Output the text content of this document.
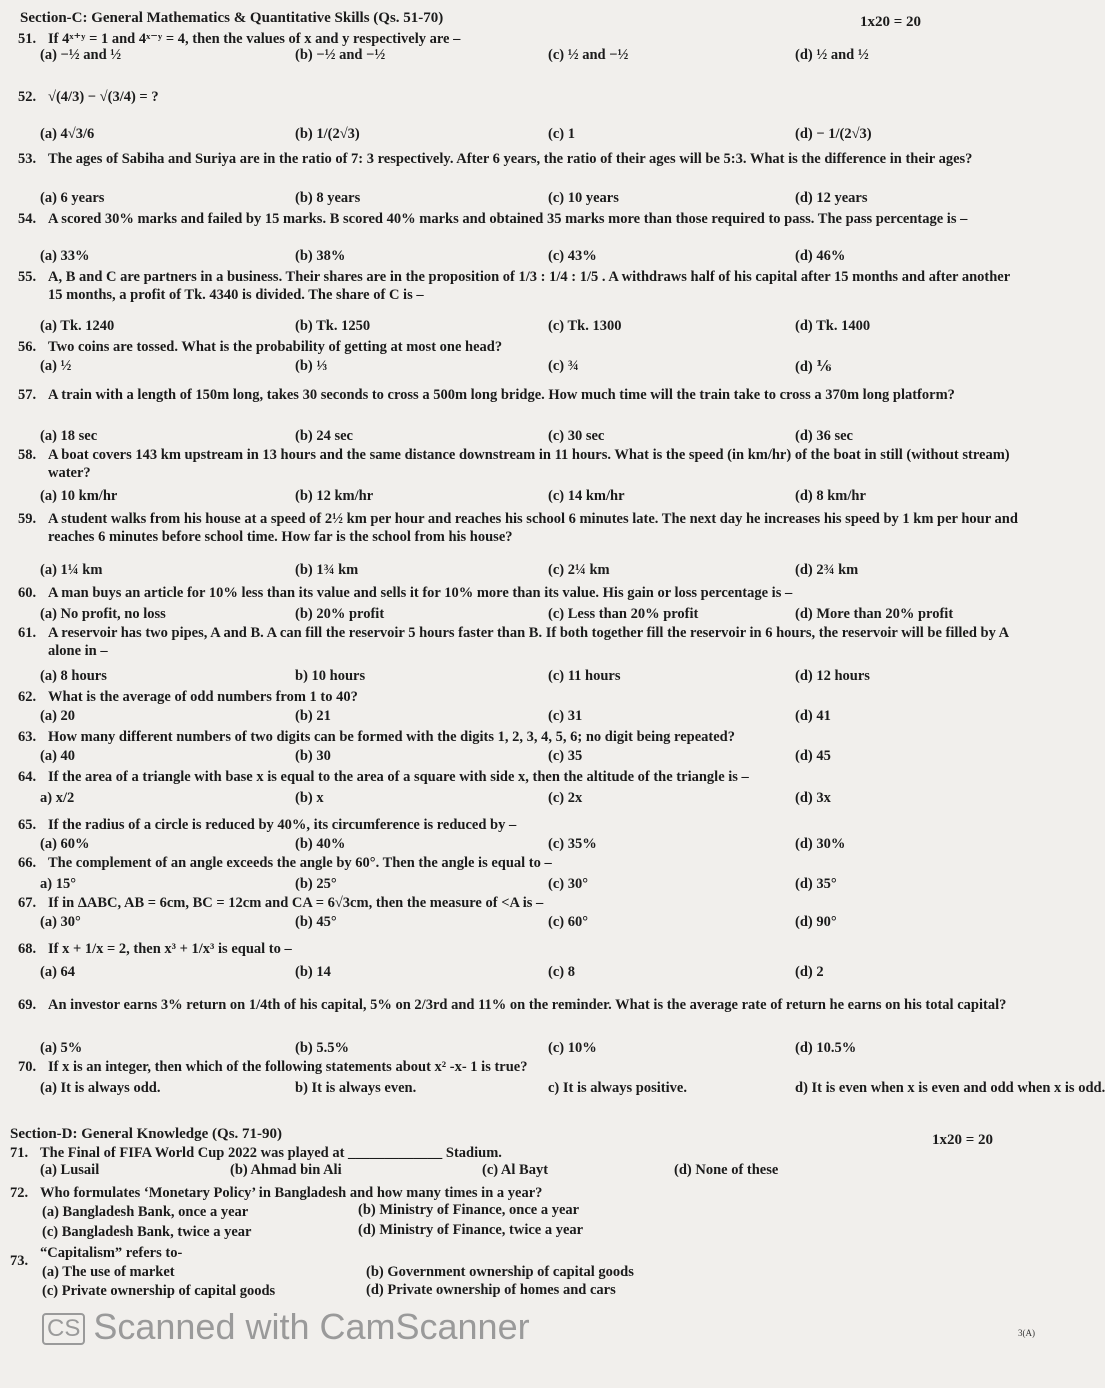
Section-C: General Mathematics & Quantitative Skills (Qs. 51-70)	1x20 = 20
51. If 4ˣ⁺ʸ = 1 and 4ˣ⁻ʸ = 4, then the values of x and y respectively are –
(a) −½ and ½	(b) −½ and −½	(c) ½ and −½	(d) ½ and ½
52. √(4/3) − √(3/4) = ?
(a) 4√3/6	(b) 1/(2√3)	(c) 1	(d) − 1/(2√3)
53. The ages of Sabiha and Suriya are in the ratio of 7: 3 respectively. After 6 years, the ratio of their ages will be 5:3. What is the difference in their ages?
(a) 6 years	(b) 8 years	(c) 10 years	(d) 12 years
54. A scored 30% marks and failed by 15 marks. B scored 40% marks and obtained 35 marks more than those required to pass. The pass percentage is –
(a) 33%	(b) 38%	(c) 43%	(d) 46%
55. A, B and C are partners in a business. Their shares are in the proposition of 1/3 : 1/4 : 1/5 . A withdraws half of his capital after 15 months and after another 15 months, a profit of Tk. 4340 is divided. The share of C is –
(a) Tk. 1240	(b) Tk. 1250	(c) Tk. 1300	(d) Tk. 1400
56. Two coins are tossed. What is the probability of getting at most one head?
(a) ½	(b) ⅓	(c) ¾	(d) ⅙
57. A train with a length of 150m long, takes 30 seconds to cross a 500m long bridge. How much time will the train take to cross a 370m long platform?
(a) 18 sec	(b) 24 sec	(c) 30 sec	(d) 36 sec
58. A boat covers 143 km upstream in 13 hours and the same distance downstream in 11 hours. What is the speed (in km/hr) of the boat in still (without stream) water?
(a) 10 km/hr	(b) 12 km/hr	(c) 14 km/hr	(d) 8 km/hr
59. A student walks from his house at a speed of 2½ km per hour and reaches his school 6 minutes late. The next day he increases his speed by 1 km per hour and reaches 6 minutes before school time. How far is the school from his house?
(a) 1¼ km	(b) 1¾ km	(c) 2¼ km	(d) 2¾ km
60. A man buys an article for 10% less than its value and sells it for 10% more than its value. His gain or loss percentage is –
(a) No profit, no loss	(b) 20% profit	(c) Less than 20% profit	(d) More than 20% profit
61. A reservoir has two pipes, A and B. A can fill the reservoir 5 hours faster than B. If both together fill the reservoir in 6 hours, the reservoir will be filled by A alone in –
(a) 8 hours	b) 10 hours	(c) 11 hours	(d) 12 hours
62. What is the average of odd numbers from 1 to 40?
(a) 20	(b) 21	(c) 31	(d) 41
63. How many different numbers of two digits can be formed with the digits 1, 2, 3, 4, 5, 6; no digit being repeated?
(a) 40	(b) 30	(c) 35	(d) 45
64. If the area of a triangle with base x is equal to the area of a square with side x, then the altitude of the triangle is –
a) x/2	(b) x	(c) 2x	(d) 3x
65. If the radius of a circle is reduced by 40%, its circumference is reduced by –
(a) 60%	(b) 40%	(c) 35%	(d) 30%
66. The complement of an angle exceeds the angle by 60°. Then the angle is equal to –
a) 15°	(b) 25°	(c) 30°	(d) 35°
67. If in ΔABC, AB = 6cm, BC = 12cm and CA = 6√3cm, then the measure of <A is –
(a) 30°	(b) 45°	(c) 60°	(d) 90°
68. If x + 1/x = 2, then x³ + 1/x³ is equal to –
(a) 64	(b) 14	(c) 8	(d) 2
69. An investor earns 3% return on 1/4th of his capital, 5% on 2/3rd and 11% on the reminder. What is the average rate of return he earns on his total capital?
(a) 5%	(b) 5.5%	(c) 10%	(d) 10.5%
70. If x is an integer, then which of the following statements about x² -x- 1 is true?
(a) It is always odd.	b) It is always even.	c) It is always positive.	d) It is even when x is even and odd when x is odd.
Section-D: General Knowledge (Qs. 71-90)	1x20 = 20
71. The Final of FIFA World Cup 2022 was played at _____________ Stadium.
(a) Lusail	(b) Ahmad bin Ali	(c) Al Bayt	(d) None of these
72. Who formulates ‘Monetary Policy’ in Bangladesh and how many times in a year?
(a) Bangladesh Bank, once a year	(b) Ministry of Finance, once a year
(c) Bangladesh Bank, twice a year	(d) Ministry of Finance, twice a year
73. “Capitalism” refers to-
(a) The use of market	(b) Government ownership of capital goods
(c) Private ownership of capital goods	(d) Private ownership of homes and cars
CS Scanned with CamScanner	3(A)
